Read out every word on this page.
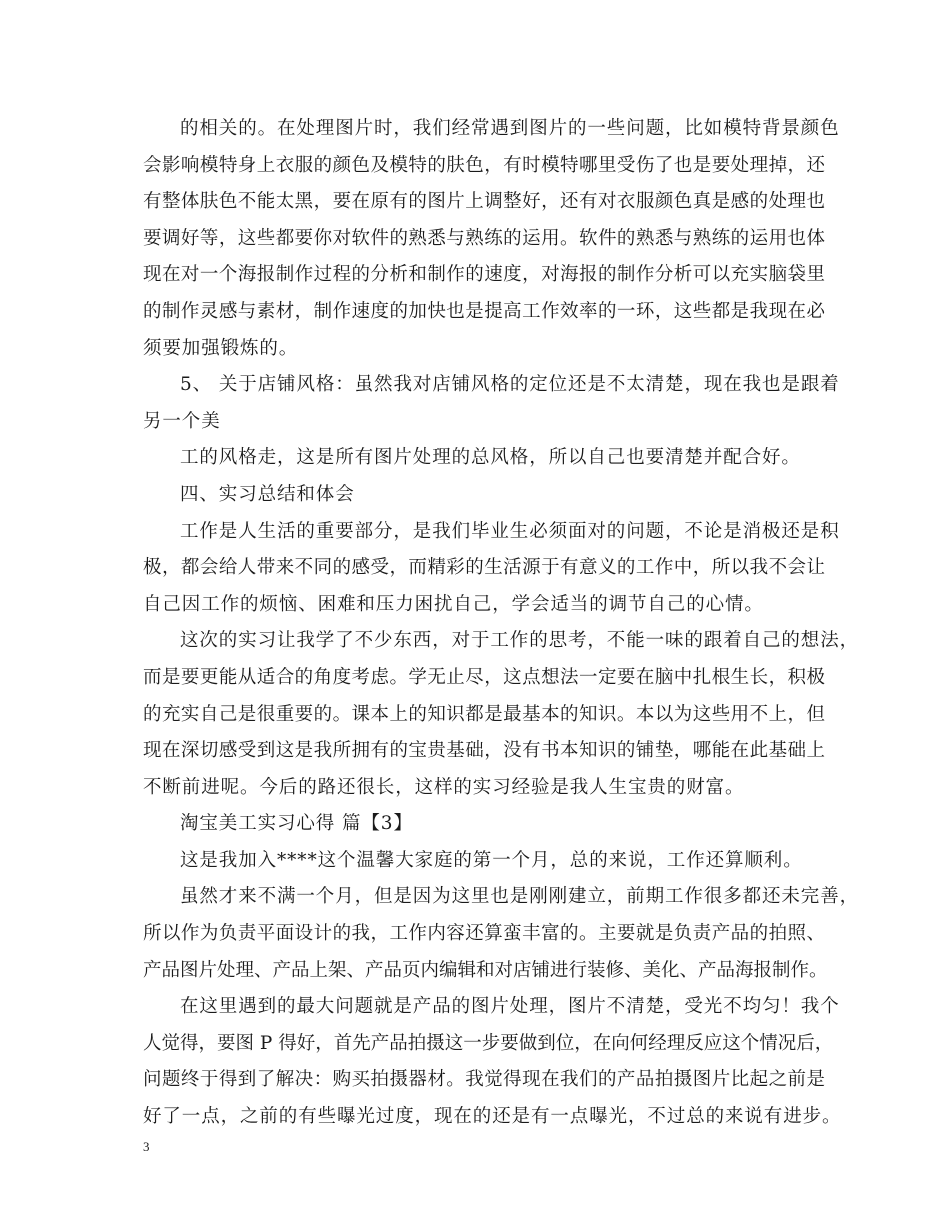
的相关的。在处理图片时，我们经常遇到图片的一些问题，比如模特背景颜色
会影响模特身上衣服的颜色及模特的肤色，有时模特哪里受伤了也是要处理掉，还
有整体肤色不能太黑，要在原有的图片上调整好，还有对衣服颜色真是感的处理也
要调好等，这些都要你对软件的熟悉与熟练的运用。软件的熟悉与熟练的运用也体
现在对一个海报制作过程的分析和制作的速度，对海报的制作分析可以充实脑袋里
的制作灵感与素材，制作速度的加快也是提高工作效率的一环，这些都是我现在必
须要加强锻炼的。
5、 关于店铺风格：虽然我对店铺风格的定位还是不太清楚，现在我也是跟着
另一个美
工的风格走，这是所有图片处理的总风格，所以自己也要清楚并配合好。
四、实习总结和体会
工作是人生活的重要部分，是我们毕业生必须面对的问题，不论是消极还是积
极，都会给人带来不同的感受，而精彩的生活源于有意义的工作中，所以我不会让
自己因工作的烦恼、困难和压力困扰自己，学会适当的调节自己的心情。
这次的实习让我学了不少东西，对于工作的思考，不能一味的跟着自己的想法，
而是要更能从适合的角度考虑。学无止尽，这点想法一定要在脑中扎根生长，积极
的充实自己是很重要的。课本上的知识都是最基本的知识。本以为这些用不上，但
现在深切感受到这是我所拥有的宝贵基础，没有书本知识的铺垫，哪能在此基础上
不断前进呢。今后的路还很长，这样的实习经验是我人生宝贵的财富。
淘宝美工实习心得 篇【3】
这是我加入****这个温馨大家庭的第一个月，总的来说，工作还算顺利。
虽然才来不满一个月，但是因为这里也是刚刚建立，前期工作很多都还未完善，
所以作为负责平面设计的我，工作内容还算蛮丰富的。主要就是负责产品的拍照、
产品图片处理、产品上架、产品页内编辑和对店铺进行装修、美化、产品海报制作。
在这里遇到的最大问题就是产品的图片处理，图片不清楚，受光不均匀！我个
人觉得，要图 P 得好，首先产品拍摄这一步要做到位，在向何经理反应这个情况后，
问题终于得到了解决：购买拍摄器材。我觉得现在我们的产品拍摄图片比起之前是
好了一点，之前的有些曝光过度，现在的还是有一点曝光，不过总的来说有进步。
3
